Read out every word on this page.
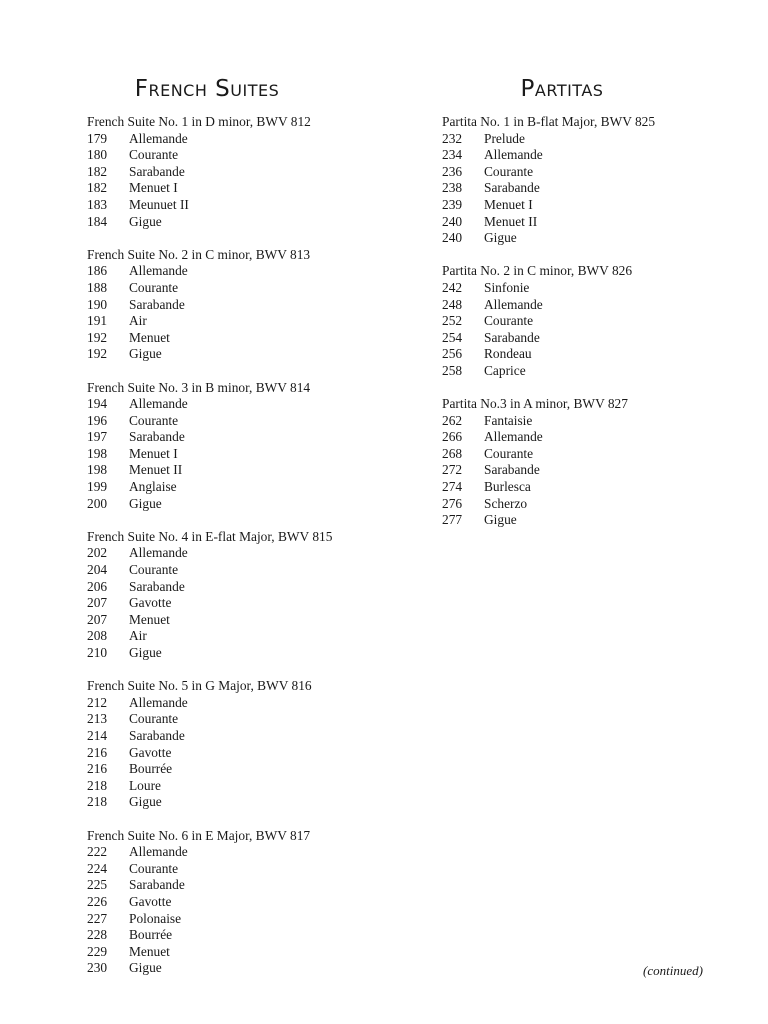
French Suites
French Suite No. 1 in D minor, BWV 812
179	Allemande
180	Courante
182	Sarabande
182	Menuet I
183	Meunuet II
184	Gigue
French Suite No. 2 in C minor, BWV 813
186	Allemande
188	Courante
190	Sarabande
191	Air
192	Menuet
192	Gigue
French Suite No. 3 in B minor, BWV 814
194	Allemande
196	Courante
197	Sarabande
198	Menuet I
198	Menuet II
199	Anglaise
200	Gigue
French Suite No. 4 in E-flat Major, BWV 815
202	Allemande
204	Courante
206	Sarabande
207	Gavotte
207	Menuet
208	Air
210	Gigue
French Suite No. 5 in G Major, BWV 816
212	Allemande
213	Courante
214	Sarabande
216	Gavotte
216	Bourrée
218	Loure
218	Gigue
French Suite No. 6 in E Major, BWV 817
222	Allemande
224	Courante
225	Sarabande
226	Gavotte
227	Polonaise
228	Bourrée
229	Menuet
230	Gigue
Partitas
Partita No. 1 in B-flat Major, BWV 825
232	Prelude
234	Allemande
236	Courante
238	Sarabande
239	Menuet I
240	Menuet II
240	Gigue
Partita No. 2 in C minor, BWV 826
242	Sinfonie
248	Allemande
252	Courante
254	Sarabande
256	Rondeau
258	Caprice
Partita No.3 in A minor, BWV 827
262	Fantaisie
266	Allemande
268	Courante
272	Sarabande
274	Burlesca
276	Scherzo
277	Gigue
(continued)
